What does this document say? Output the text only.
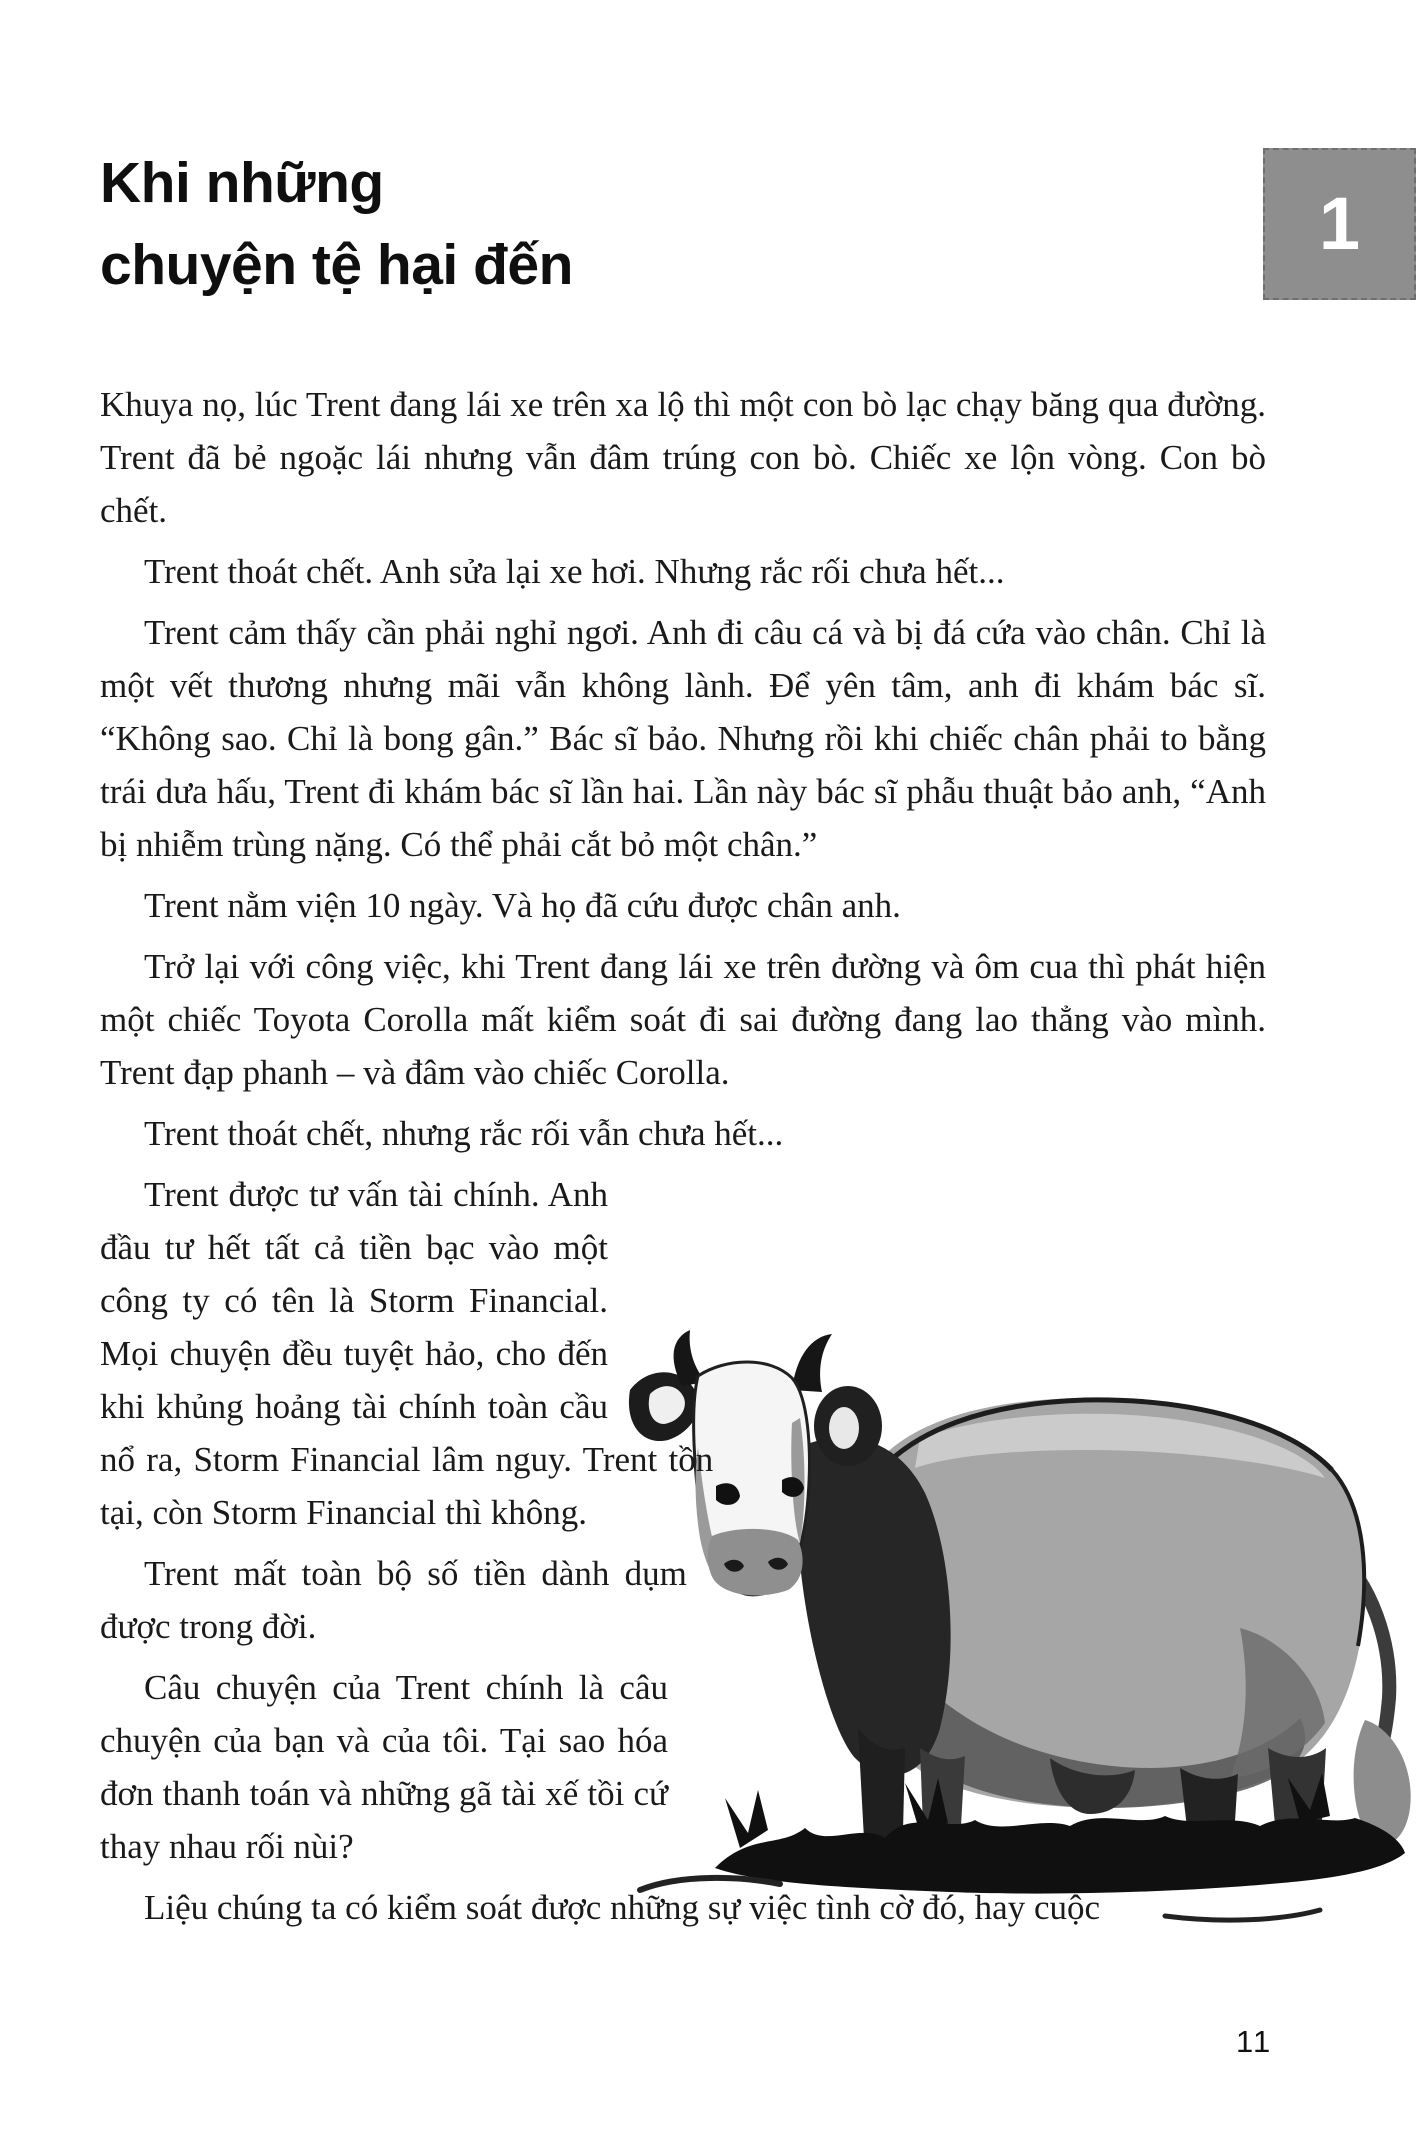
1
Khi những
chuyện tệ hại đến

Khuya nọ, lúc Trent đang lái xe trên xa lộ thì một con bò lạc chạy băng qua đường. Trent đã bẻ ngoặc lái nhưng vẫn đâm trúng con bò. Chiếc xe lộn vòng. Con bò chết.

Trent thoát chết. Anh sửa lại xe hơi. Nhưng rắc rối chưa hết...

Trent cảm thấy cần phải nghỉ ngơi. Anh đi câu cá và bị đá cứa vào chân. Chỉ là một vết thương nhưng mãi vẫn không lành. Để yên tâm, anh đi khám bác sĩ. “Không sao. Chỉ là bong gân.” Bác sĩ bảo. Nhưng rồi khi chiếc chân phải to bằng trái dưa hấu, Trent đi khám bác sĩ lần hai. Lần này bác sĩ phẫu thuật bảo anh, “Anh bị nhiễm trùng nặng. Có thể phải cắt bỏ một chân.”

Trent nằm viện 10 ngày. Và họ đã cứu được chân anh.

Trở lại với công việc, khi Trent đang lái xe trên đường và ôm cua thì phát hiện một chiếc Toyota Corolla mất kiểm soát đi sai đường đang lao thẳng vào mình. Trent đạp phanh – và đâm vào chiếc Corolla.

Trent thoát chết, nhưng rắc rối vẫn chưa hết...

Trent được tư vấn tài chính. Anh đầu tư hết tất cả tiền bạc vào một công ty có tên là Storm Financial. Mọi chuyện đều tuyệt hảo, cho đến khi khủng hoảng tài chính toàn cầu nổ ra, Storm Financial lâm nguy. Trent tồn tại, còn Storm Financial thì không.

Trent mất toàn bộ số tiền dành dụm được trong đời.

Câu chuyện của Trent chính là câu chuyện của bạn và của tôi. Tại sao hóa đơn thanh toán và những gã tài xế tồi cứ thay nhau rối nùi?

Liệu chúng ta có kiểm soát được những sự việc tình cờ đó, hay cuộc

11
